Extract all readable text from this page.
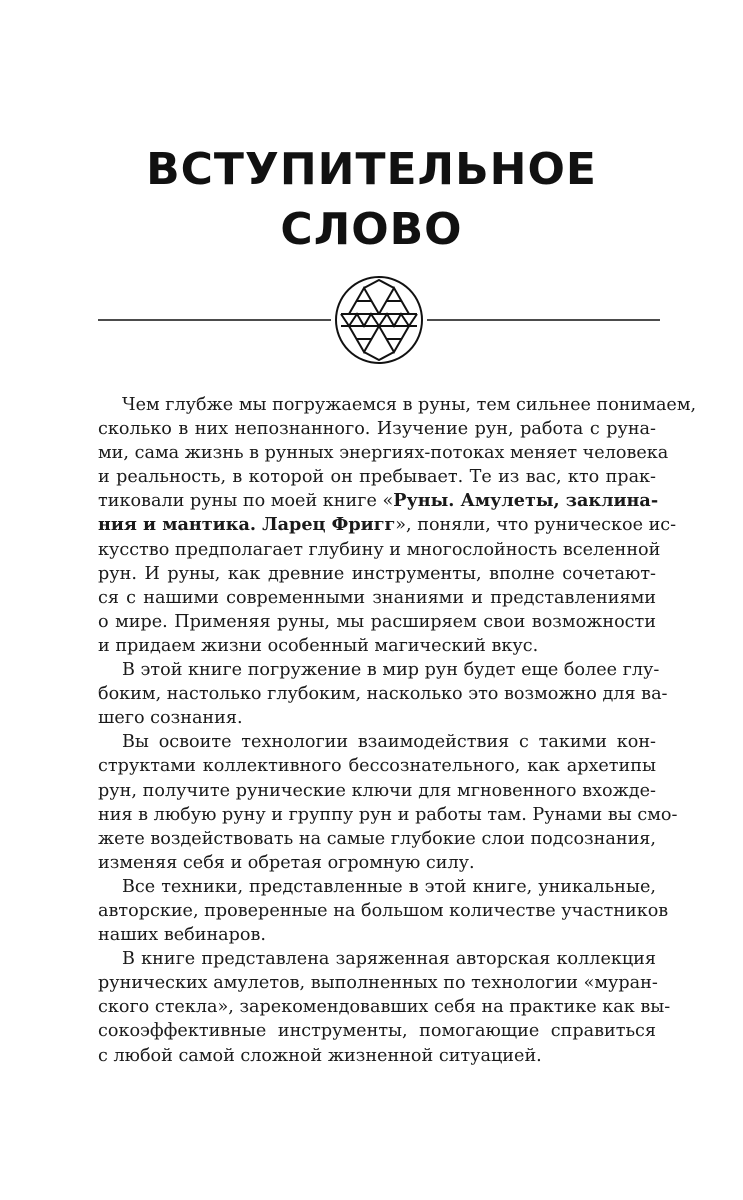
ВСТУПИТЕЛЬНОЕ
СЛОВО
Чем глубже мы погружаемся в руны, тем сильнее понимаем,
сколько в них непознанного. Изучение рун, работа с руна-
ми, сама жизнь в рунных энергиях-потоках меняет человека
и реальность, в которой он пребывает. Те из вас, кто прак-
тиковали руны по моей книге «Руны. Амулеты, заклина-
ния и мантика. Ларец Фригг», поняли, что руническое ис-
кусство предполагает глубину и многослойность вселенной
рун. И руны, как древние инструменты, вполне сочетают-
ся с нашими современными знаниями и представлениями
о мире. Применяя руны, мы расширяем свои возможности
и придаем жизни особенный магический вкус.
В этой книге погружение в мир рун будет еще более глу-
боким, настолько глубоким, насколько это возможно для ва-
шего сознания.
Вы освоите технологии взаимодействия с такими кон-
структами коллективного бессознательного, как архетипы
рун, получите рунические ключи для мгновенного вхожде-
ния в любую руну и группу рун и работы там. Рунами вы смо-
жете воздействовать на самые глубокие слои подсознания,
изменяя себя и обретая огромную силу.
Все техники, представленные в этой книге, уникальные,
авторские, проверенные на большом количестве участников
наших вебинаров.
В книге представлена заряженная авторская коллекция
рунических амулетов, выполненных по технологии «муран-
ского стекла», зарекомендовавших себя на практике как вы-
сокоэффективные инструменты, помогающие справиться
с любой самой сложной жизненной ситуацией.
